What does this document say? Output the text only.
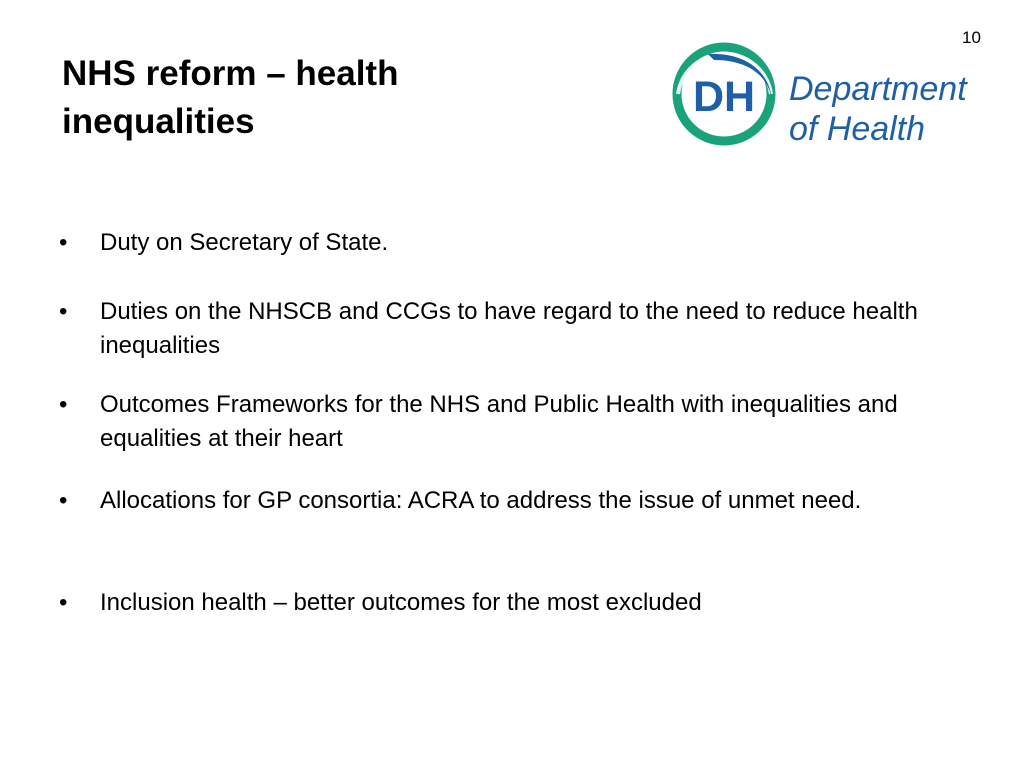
10
NHS reform – health inequalities
DH Department
of Health
•	Duty on Secretary of State.
•	Duties on the NHSCB and CCGs to have regard to the need to reduce health inequalities
•	Outcomes Frameworks for the NHS and Public Health with inequalities and equalities at their heart
•	Allocations for GP consortia: ACRA to address the issue of unmet need.
•	Inclusion health – better outcomes for the most excluded
